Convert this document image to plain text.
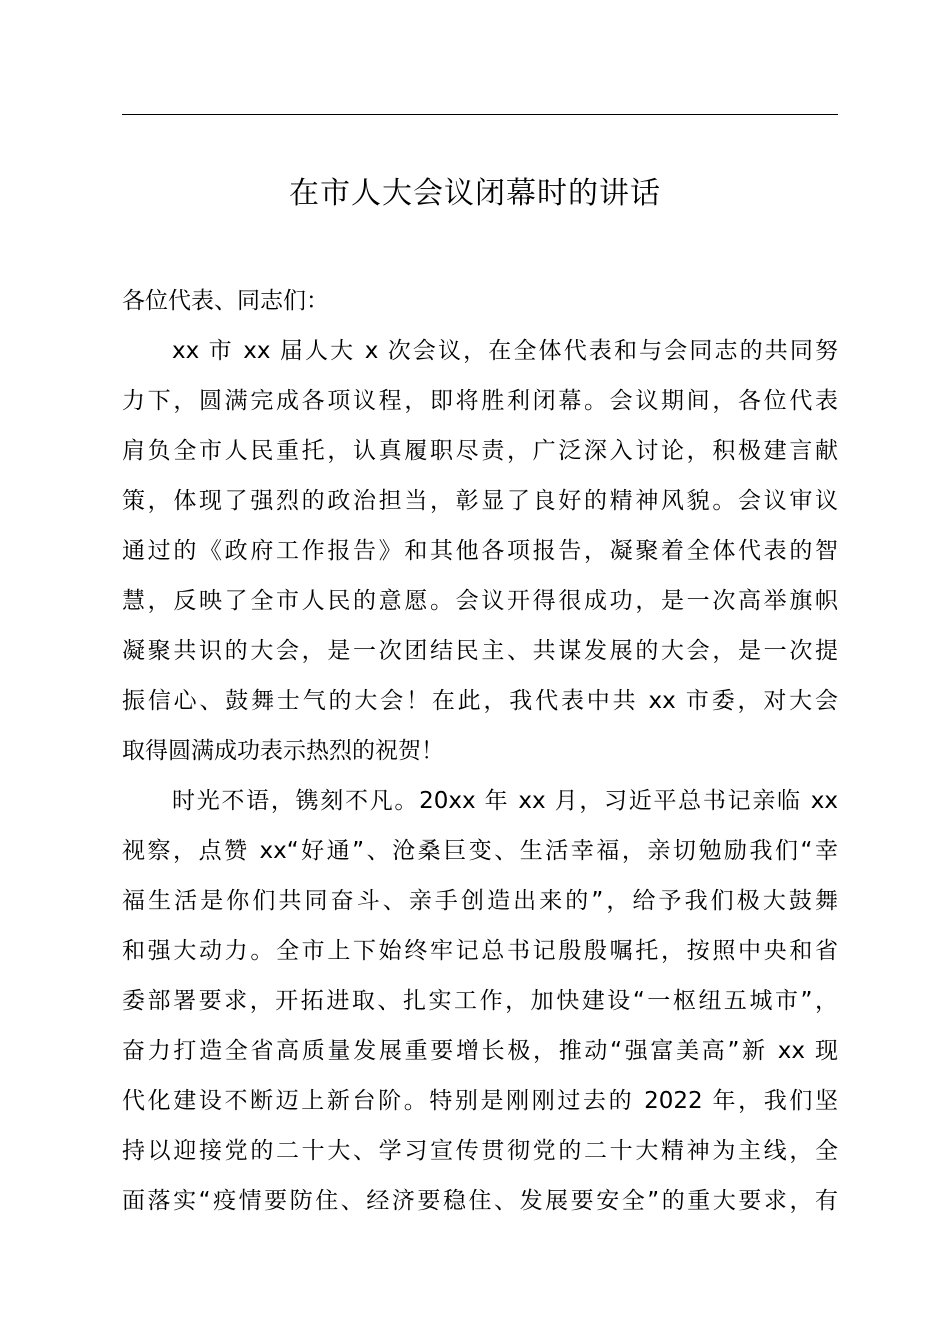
在市人大会议闭幕时的讲话
各位代表、同志们：
xx 市 xx 届人大 x 次会议，在全体代表和与会同志的共同努
力下，圆满完成各项议程，即将胜利闭幕。会议期间，各位代表
肩负全市人民重托，认真履职尽责，广泛深入讨论，积极建言献
策，体现了强烈的政治担当，彰显了良好的精神风貌。会议审议
通过的《政府工作报告》和其他各项报告，凝聚着全体代表的智
慧，反映了全市人民的意愿。会议开得很成功，是一次高举旗帜
凝聚共识的大会，是一次团结民主、共谋发展的大会，是一次提
振信心、鼓舞士气的大会！在此，我代表中共 xx 市委，对大会
取得圆满成功表示热烈的祝贺！
时光不语，镌刻不凡。20xx 年 xx 月，习近平总书记亲临 xx
视察，点赞 xx“好通”、沧桑巨变、生活幸福，亲切勉励我们“幸
福生活是你们共同奋斗、亲手创造出来的”，给予我们极大鼓舞
和强大动力。全市上下始终牢记总书记殷殷嘱托，按照中央和省
委部署要求，开拓进取、扎实工作，加快建设“一枢纽五城市”，
奋力打造全省高质量发展重要增长极，推动“强富美高”新 xx 现
代化建设不断迈上新台阶。特别是刚刚过去的 2022 年，我们坚
持以迎接党的二十大、学习宣传贯彻党的二十大精神为主线，全
面落实“疫情要防住、经济要稳住、发展要安全”的重大要求，有
